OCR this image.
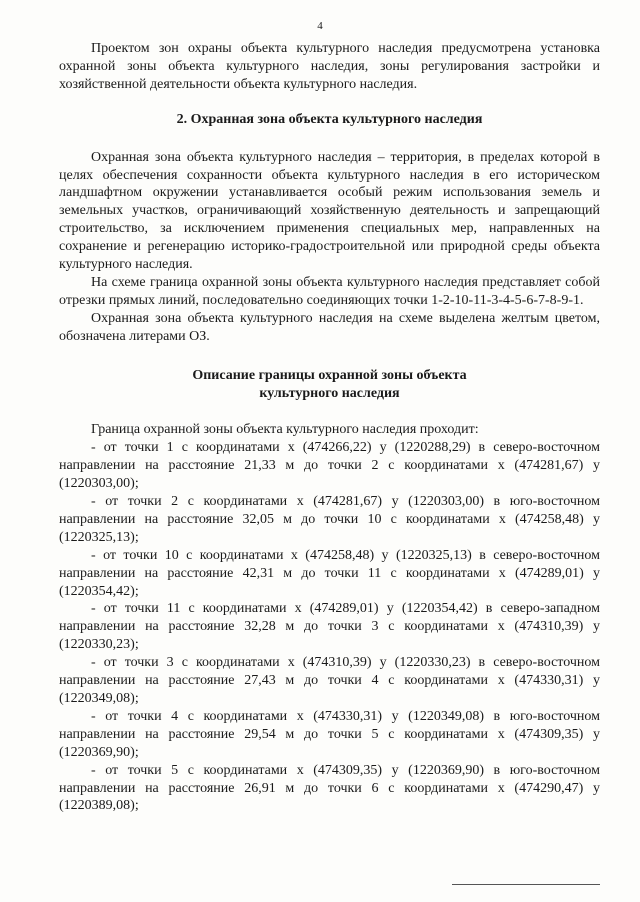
4

Проектом зон охраны объекта культурного наследия предусмотрена установка охранной зоны объекта культурного наследия, зоны регулирования застройки и хозяйственной деятельности объекта культурного наследия.

2. Охранная зона объекта культурного наследия

Охранная зона объекта культурного наследия – территория, в пределах которой в целях обеспечения сохранности объекта культурного наследия в его историческом ландшафтном окружении устанавливается особый режим использования земель и земельных участков, ограничивающий хозяйственную деятельность и запрещающий строительство, за исключением применения специальных мер, направленных на сохранение и регенерацию историко-градостроительной или природной среды объекта культурного наследия.

На схеме граница охранной зоны объекта культурного наследия представляет собой отрезки прямых линий, последовательно соединяющих точки 1-2-10-11-3-4-5-6-7-8-9-1.

Охранная зона объекта культурного наследия на схеме выделена желтым цветом, обозначена литерами ОЗ.

Описание границы охранной зоны объекта
культурного наследия

Граница охранной зоны объекта культурного наследия проходит:

- от точки 1 с координатами х (474266,22) у (1220288,29) в северо-восточном направлении на расстояние 21,33 м до точки 2 с координатами х (474281,67) у (1220303,00);

- от точки 2 с координатами х (474281,67) у (1220303,00) в юго-восточном направлении на расстояние 32,05 м до точки 10 с координатами х (474258,48) у (1220325,13);

- от точки 10 с координатами х (474258,48) у (1220325,13) в северо-восточном направлении на расстояние 42,31 м до точки 11 с координатами х (474289,01) у (1220354,42);

- от точки 11 с координатами х (474289,01) у (1220354,42) в северо-западном направлении на расстояние 32,28 м до точки 3 с координатами х (474310,39) у (1220330,23);

- от точки 3 с координатами х (474310,39) у (1220330,23) в северо-восточном направлении на расстояние 27,43 м до точки 4 с координатами х (474330,31) у (1220349,08);

- от точки 4 с координатами х (474330,31) у (1220349,08) в юго-восточном направлении на расстояние 29,54 м до точки 5 с координатами х (474309,35) у (1220369,90);

- от точки 5 с координатами х (474309,35) у (1220369,90) в юго-восточном направлении на расстояние 26,91 м до точки 6 с координатами х (474290,47) у (1220389,08);
